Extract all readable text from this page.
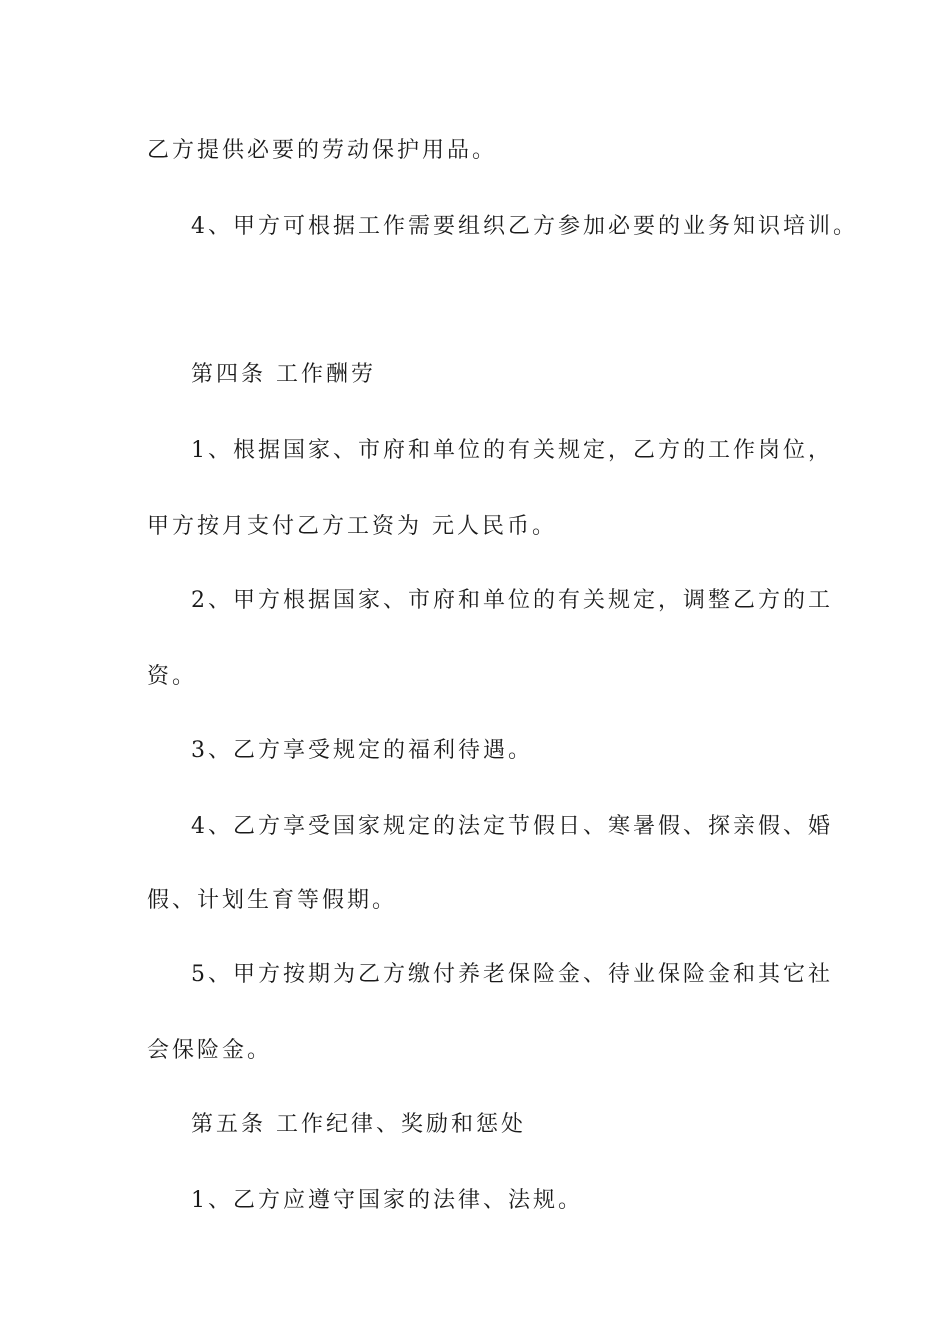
乙方提供必要的劳动保护用品。
4、甲方可根据工作需要组织乙方参加必要的业务知识培训。
第四条 工作酬劳
1、根据国家、市府和单位的有关规定，乙方的工作岗位，
甲方按月支付乙方工资为 元人民币。
2、甲方根据国家、市府和单位的有关规定，调整乙方的工
资。
3、乙方享受规定的福利待遇。
4、乙方享受国家规定的法定节假日、寒暑假、探亲假、婚
假、计划生育等假期。
5、甲方按期为乙方缴付养老保险金、待业保险金和其它社
会保险金。
第五条 工作纪律、奖励和惩处
1、乙方应遵守国家的法律、法规。
